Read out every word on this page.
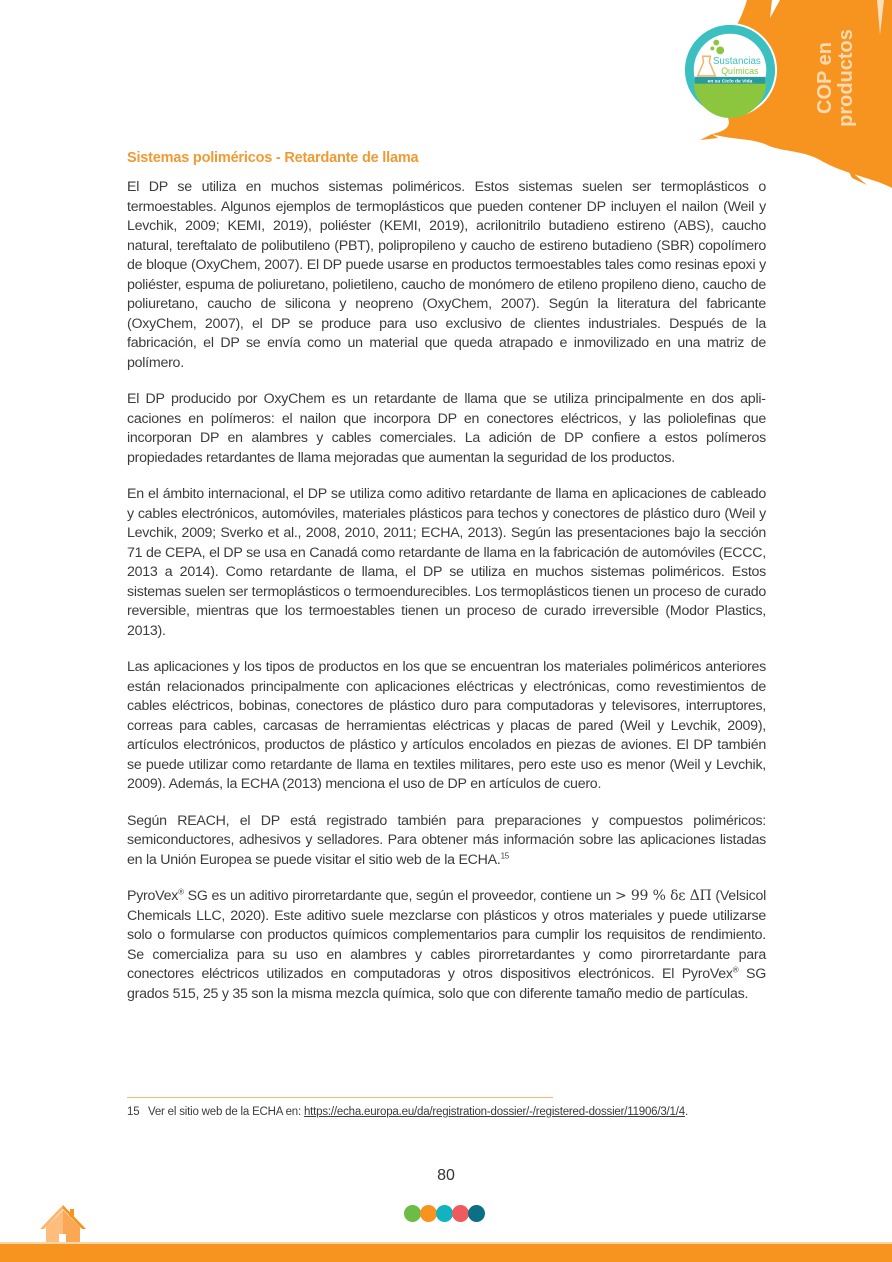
en su Ciclo de Vida
Sustancias
Químicas	COP en productos
Sistemas poliméricos - Retardante de llama

El DP se utiliza en muchos sistemas poliméricos. Estos sistemas suelen ser termoplásticos o termoestables. Algunos ejemplos de termoplásticos que pueden contener DP incluyen el nailon (Weil y Levchik, 2009; KEMI, 2019), poliéster (KEMI, 2019), acrilonitrilo butadieno estireno (ABS), caucho natural, tereftalato de polibutileno (PBT), polipropileno y caucho de estireno butadieno (SBR) copolímero de bloque (OxyChem, 2007). El DP puede usarse en productos termoestables tales como resinas epoxi y poliéster, espuma de poliuretano, polietileno, caucho de monómero de etileno propileno dieno, caucho de poliuretano, caucho de silicona y neopreno (OxyChem, 2007). Según la literatura del fabricante (OxyChem, 2007), el DP se produce para uso exclusivo de clientes industriales. Después de la fabricación, el DP se envía como un material que queda atrapado e inmovilizado en una matriz de polímero.

El DP producido por OxyChem es un retardante de llama que se utiliza principalmente en dos aplicaciones en polímeros: el nailon que incorpora DP en conectores eléctricos, y las poliolefinas que incorporan DP en alambres y cables comerciales. La adición de DP confiere a estos polímeros propiedades retardantes de llama mejoradas que aumentan la seguridad de los productos.

En el ámbito internacional, el DP se utiliza como aditivo retardante de llama en aplicaciones de cableado y cables electrónicos, automóviles, materiales plásticos para techos y conectores de plástico duro (Weil y Levchik, 2009; Sverko et al., 2008, 2010, 2011; ECHA, 2013). Según las presentaciones bajo la sección 71 de CEPA, el DP se usa en Canadá como retardante de llama en la fabricación de automóviles (ECCC, 2013 a 2014). Como retardante de llama, el DP se utiliza en muchos sistemas poliméricos. Estos sistemas suelen ser termoplásticos o termoendurecibles. Los termoplásticos tienen un proceso de curado reversible, mientras que los termoestables tienen un proceso de curado irreversible (Modor Plastics, 2013).

Las aplicaciones y los tipos de productos en los que se encuentran los materiales poliméricos anteriores están relacionados principalmente con aplicaciones eléctricas y electrónicas, como revestimientos de cables eléctricos, bobinas, conectores de plástico duro para computadoras y televisores, interruptores, correas para cables, carcasas de herramientas eléctricas y placas de pared (Weil y Levchik, 2009), artículos electrónicos, productos de plástico y artículos encolados en piezas de aviones. El DP también se puede utilizar como retardante de llama en textiles militares, pero este uso es menor (Weil y Levchik, 2009). Además, la ECHA (2013) menciona el uso de DP en artículos de cuero.

Según REACH, el DP está registrado también para preparaciones y compuestos poliméricos: semiconductores, adhesivos y selladores. Para obtener más información sobre las aplicaciones listadas en la Unión Europea se puede visitar el sitio web de la ECHA.$^{15}$

PyroVex® SG es un aditivo pirorretardante que, según el proveedor, contiene un > 99 % δε ΔΠ (Velsicol Chemicals LLC, 2020). Este aditivo suele mezclarse con plásticos y otros materiales y puede utilizarse solo o formularse con productos químicos complementarios para cumplir los requisitos de rendimiento. Se comercializa para su uso en alambres y cables pirorretardantes y como pirorretardante para conectores eléctricos utilizados en computadoras y otros dispositivos electrónicos. El PyroVex® SG grados 515, 25 y 35 son la misma mezcla química, solo que con diferente tamaño medio de partículas.

15 Ver el sitio web de la ECHA en: https://echa.europa.eu/da/registration-dossier/-/registered-dossier/11906/3/1/4.
80
